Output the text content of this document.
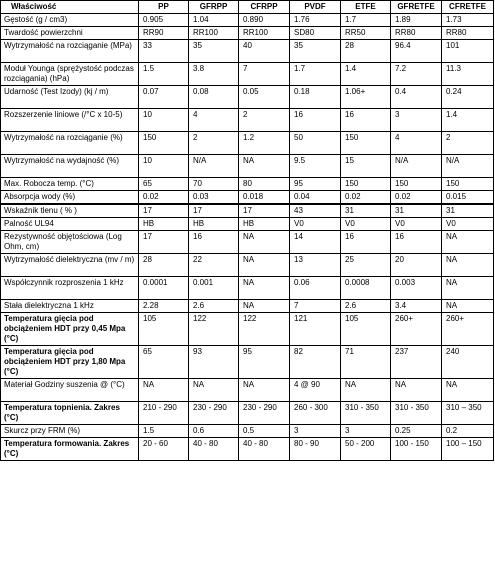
Właściwość	PP	GFRPP	CFRPP	PVDF	ETFE	GFRETFE	CFRETFE
Gęstość (g / cm3)	0.905	1.04	0.890	1.76	1.7	1.89	1.73
Twardość powierzchni	RR90	RR100	RR100	SD80	RR50	RR80	RR80
Wytrzymałość na rozciąganie (MPa)	33	35	40	35	28	96.4	101
Moduł Younga (sprężystość podczas rozciągania) (hPa)	1.5	3.8	7	1.7	1.4	7.2	11.3
Udarność (Test Izody) (kj / m)	0.07	0.08	0.05	0.18	1.06+	0.4	0.24
Rozszerzenie liniowe (/°C x 10-5)	10	4	2	16	16	3	1.4
Wytrzymałość na rozciąganie (%)	150	2	1.2	50	150	4	2
Wytrzymałość na wydajność (%)	10	N/A	NA	9.5	15	N/A	N/A
Max. Robocza temp. (°C)	65	70	80	95	150	150	150
Absorpcja wody (%)	0.02	0.03	0.018	0.04	0.02	0.02	0.015
Wskaźnik tlenu ( % )	17	17	17	43	31	31	31
Palność UL94	HB	HB	HB	V0	V0	V0	V0
Rezystywność objętościowa (Log Ohm, cm)	17	16	NA	14	16	16	NA
Wytrzymałość dielektryczna (mv / m)	28	22	NA	13	25	20	NA
Współczynnik rozproszenia 1 kHz	0.0001	0.001	NA	0.06	0.0008	0.003	NA
Stała dielektryczna 1 kHz	2.28	2.6	NA	7	2.6	3.4	NA
Temperatura gięcia pod obciążeniem HDT przy 0,45 Mpa (°C)	105	122	122	121	105	260+	260+
Temperatura gięcia pod obciążeniem HDT przy 1,80 Mpa (°C)	65	93	95	82	71	237	240
Materiał Godziny suszenia @ (°C)	NA	NA	NA	4 @ 90	NA	NA	NA
Temperatura topnienia. Zakres (°C)	210 - 290	230 - 290	230 - 290	260 - 300	310 - 350	310 - 350	310 – 350
Skurcz przy FRM (%)	1.5	0.6	0.5	3	3	0.25	0.2
Temperatura formowania. Zakres (°C)	20 - 60	40 - 80	40 - 80	80 - 90	50 - 200	100 - 150	100 – 150
